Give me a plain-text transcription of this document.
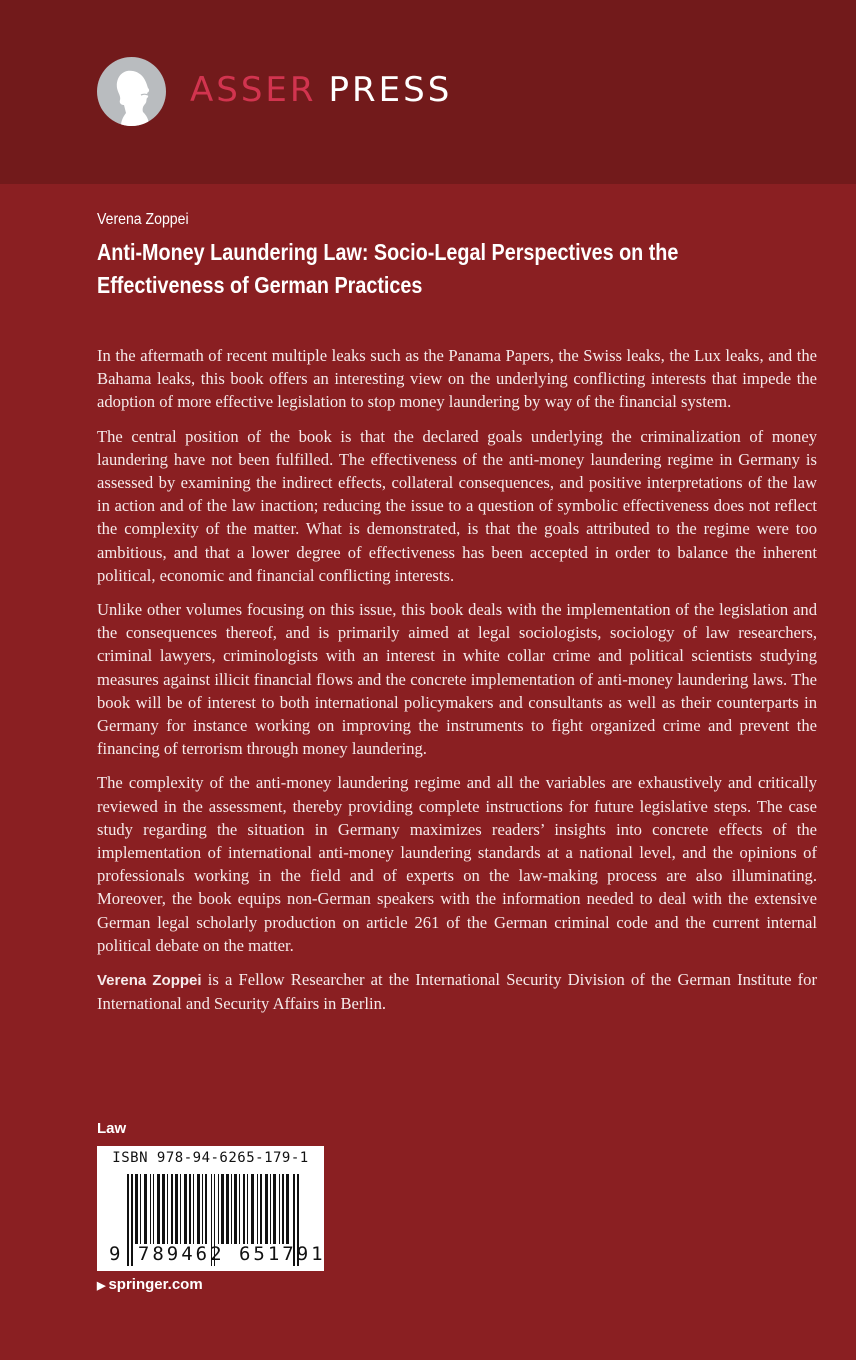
ASSER PRESS
Verena Zoppei
Anti-Money Laundering Law: Socio-Legal Perspectives on the Effectiveness of German Practices

In the aftermath of recent multiple leaks such as the Panama Papers, the Swiss leaks, the Lux leaks, and the Bahama leaks, this book offers an interesting view on the underlying conflicting interests that impede the adoption of more effective legislation to stop money laundering by way of the financial system.

The central position of the book is that the declared goals underlying the criminalization of money laundering have not been fulfilled. The effectiveness of the anti-money laundering regime in Germany is assessed by examining the indirect effects, collateral consequences, and positive interpretations of the law in action and of the law inaction; reducing the issue to a question of symbolic effectiveness does not reflect the complexity of the matter. What is demonstrated, is that the goals attributed to the regime were too ambitious, and that a lower degree of effectiveness has been accepted in order to balance the inherent political, economic and financial conflicting interests.

Unlike other volumes focusing on this issue, this book deals with the implementation of the legislation and the consequences thereof, and is primarily aimed at legal sociologists, sociology of law researchers, criminal lawyers, criminologists with an interest in white collar crime and political scientists studying measures against illicit financial flows and the concrete implementation of anti-money laundering laws. The book will be of interest to both international policymakers and consultants as well as their counterparts in Germany for instance working on improving the instruments to fight organized crime and prevent the financing of terrorism through money laundering.

The complexity of the anti-money laundering regime and all the variables are exhaustively and critically reviewed in the assessment, thereby providing complete instructions for future legislative steps. The case study regarding the situation in Germany maximizes readers’ insights into concrete effects of the implementation of international anti-money laundering standards at a national level, and the opinions of professionals working in the field and of experts on the law-making process are also illuminating. Moreover, the book equips non-German speakers with the information needed to deal with the extensive German legal scholarly production on article 261 of the German criminal code and the current internal political debate on the matter.

Verena Zoppei is a Fellow Researcher at the International Security Division of the German Institute for International and Security Affairs in Berlin.

Law
ISBN 978-94-6265-179-1
9 789462 651791
▶ springer.com
